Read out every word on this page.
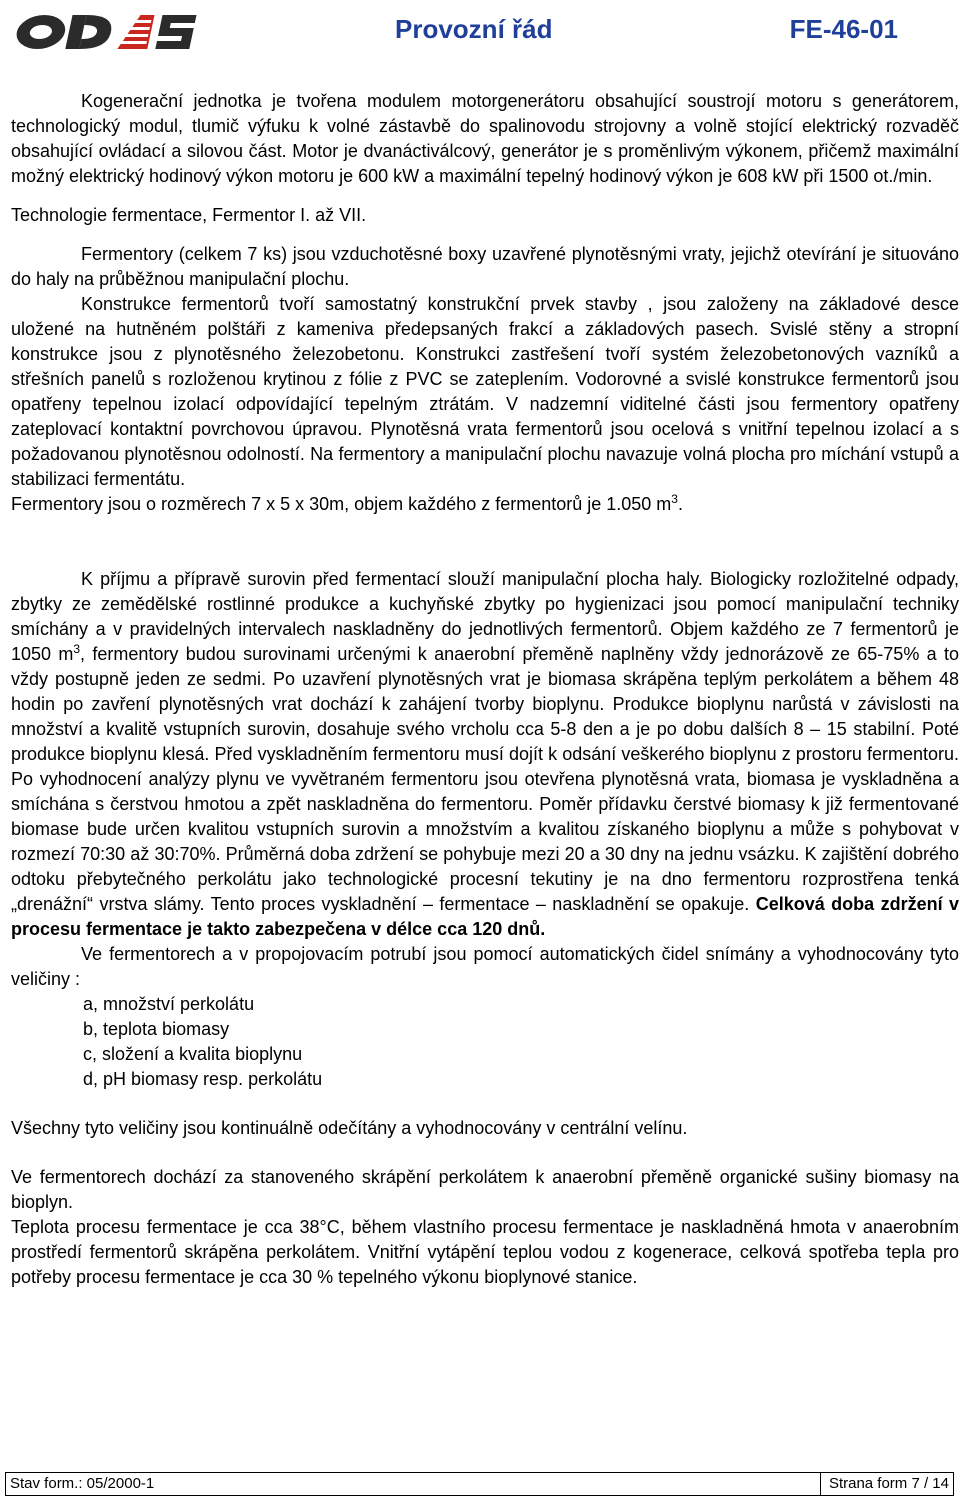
Provozní řád	FE-46-01

Kogenerační jednotka je tvořena modulem motorgenerátoru obsahující soustrojí motoru s generátorem, technologický modul, tlumič výfuku k volné zástavbě do spalinovodu strojovny a volně stojící elektrický rozvaděč obsahující ovládací a silovou část. Motor je dvanáctiválcový, generátor je s proměnlivým výkonem, přičemž maximální možný elektrický hodinový výkon motoru je 600 kW a maximální tepelný hodinový výkon je 608 kW při 1500 ot./min.

Technologie fermentace, Fermentor I. až VII.

Fermentory (celkem 7 ks) jsou vzduchotěsné boxy uzavřené plynotěsnými vraty, jejichž otevírání je situováno do haly na průběžnou manipulační plochu.

Konstrukce fermentorů tvoří samostatný konstrukční prvek stavby , jsou založeny na základové desce uložené na hutněném polštáři z kameniva předepsaných frakcí a základových pasech. Svislé stěny a stropní konstrukce jsou z plynotěsného železobetonu. Konstrukci zastřešení tvoří systém železobetonových vazníků a střešních panelů s rozloženou krytinou z fólie z PVC se zateplením. Vodorovné a svislé konstrukce fermentorů jsou opatřeny tepelnou izolací odpovídající tepelným ztrátám. V nadzemní viditelné části jsou fermentory opatřeny zateplovací kontaktní povrchovou úpravou. Plynotěsná vrata fermentorů jsou ocelová s vnitřní tepelnou izolací a s požadovanou plynotěsnou odolností. Na fermentory a manipulační plochu navazuje volná plocha pro míchání vstupů a stabilizaci fermentátu.

Fermentory jsou o rozměrech 7 x 5 x 30m, objem každého z fermentorů je 1.050 $m^3$.

K příjmu a přípravě surovin před fermentací slouží manipulační plocha haly. Biologicky rozložitelné odpady, zbytky ze zemědělské rostlinné produkce a kuchyňské zbytky po hygienizaci jsou pomocí manipulační techniky smíchány a v pravidelných intervalech naskladněny do jednotlivých fermentorů. Objem každého ze 7 fermentorů je 1050 $m^3$, fermentory budou surovinami určenými k anaerobní přeměně naplněny vždy jednorázově ze 65-75% a to vždy postupně jeden ze sedmi. Po uzavření plynotěsných vrat je biomasa skrápěna teplým perkolátem a během 48 hodin po zavření plynotěsných vrat dochází k zahájení tvorby bioplynu. Produkce bioplynu narůstá v závislosti na množství a kvalitě vstupních surovin, dosahuje svého vrcholu cca 5-8 den a je po dobu dalších 8 – 15 stabilní. Poté produkce bioplynu klesá. Před vyskladněním fermentoru musí dojít k odsání veškerého bioplynu z prostoru fermentoru. Po vyhodnocení analýzy plynu ve vyvětraném fermentoru jsou otevřena plynotěsná vrata, biomasa je vyskladněna a smíchána s čerstvou hmotou a zpět naskladněna do fermentoru. Poměr přídavku čerstvé biomasy k již fermentované biomase bude určen kvalitou vstupních surovin a množstvím a kvalitou získaného bioplynu a může s pohybovat v rozmezí 70:30 až 30:70%. Průměrná doba zdržení se pohybuje mezi 20 a 30 dny na jednu vsázku. K zajištění dobrého odtoku přebytečného perkolátu jako technologické procesní tekutiny je na dno fermentoru rozprostřena tenká „drenážní“ vrstva slámy. Tento proces vyskladnění – fermentace – naskladnění se opakuje. Celková doba zdržení v procesu fermentace je takto zabezpečena v délce cca 120 dnů.

Ve fermentorech a v propojovacím potrubí jsou pomocí automatických čidel snímány a vyhodnocovány tyto veličiny :

a, množství perkolátu
b, teplota biomasy
c, složení a kvalita bioplynu
d, pH biomasy resp. perkolátu

Všechny tyto veličiny jsou kontinuálně odečítány a vyhodnocovány v centrální velínu.

Ve fermentorech dochází za stanoveného skrápění perkolátem k anaerobní přeměně organické sušiny biomasy na bioplyn.

Teplota procesu fermentace je cca 38°C, během vlastního procesu fermentace je naskladněná hmota v anaerobním prostředí fermentorů skrápěna perkolátem. Vnitřní vytápění teplou vodou z kogenerace, celková spotřeba tepla pro potřeby procesu fermentace je cca 30 % tepelného výkonu bioplynové stanice.

Stav form.: 05/2000-1	Strana form 7 / 14
